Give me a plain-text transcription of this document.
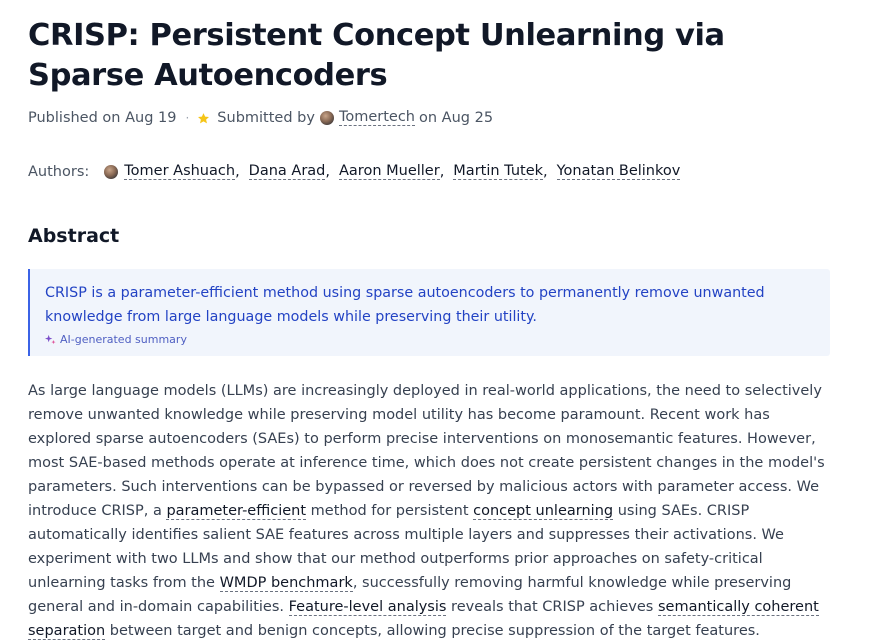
CRISP: Persistent Concept Unlearning via Sparse Autoencoders
Published on Aug 19 · Submitted by Tomertech on Aug 25
Authors: Tomer Ashuach , Dana Arad , Aaron Mueller , Martin Tutek , Yonatan Belinkov
Abstract
CRISP is a parameter-efficient method using sparse autoencoders to permanently remove unwanted knowledge from large language models while preserving their utility.
AI-generated summary

As large language models (LLMs) are increasingly deployed in real-world applications, the need to selectively remove unwanted knowledge while preserving model utility has become paramount. Recent work has explored sparse autoencoders (SAEs) to perform precise interventions on monosemantic features. However, most SAE-based methods operate at inference time, which does not create persistent changes in the model's parameters. Such interventions can be bypassed or reversed by malicious actors with parameter access. We introduce CRISP, a parameter-efficient method for persistent concept unlearning using SAEs. CRISP automatically identifies salient SAE features across multiple layers and suppresses their activations. We experiment with two LLMs and show that our method outperforms prior approaches on safety-critical unlearning tasks from the WMDP benchmark, successfully removing harmful knowledge while preserving general and in-domain capabilities. Feature-level analysis reveals that CRISP achieves semantically coherent separation between target and benign concepts, allowing precise suppression of the target features.
